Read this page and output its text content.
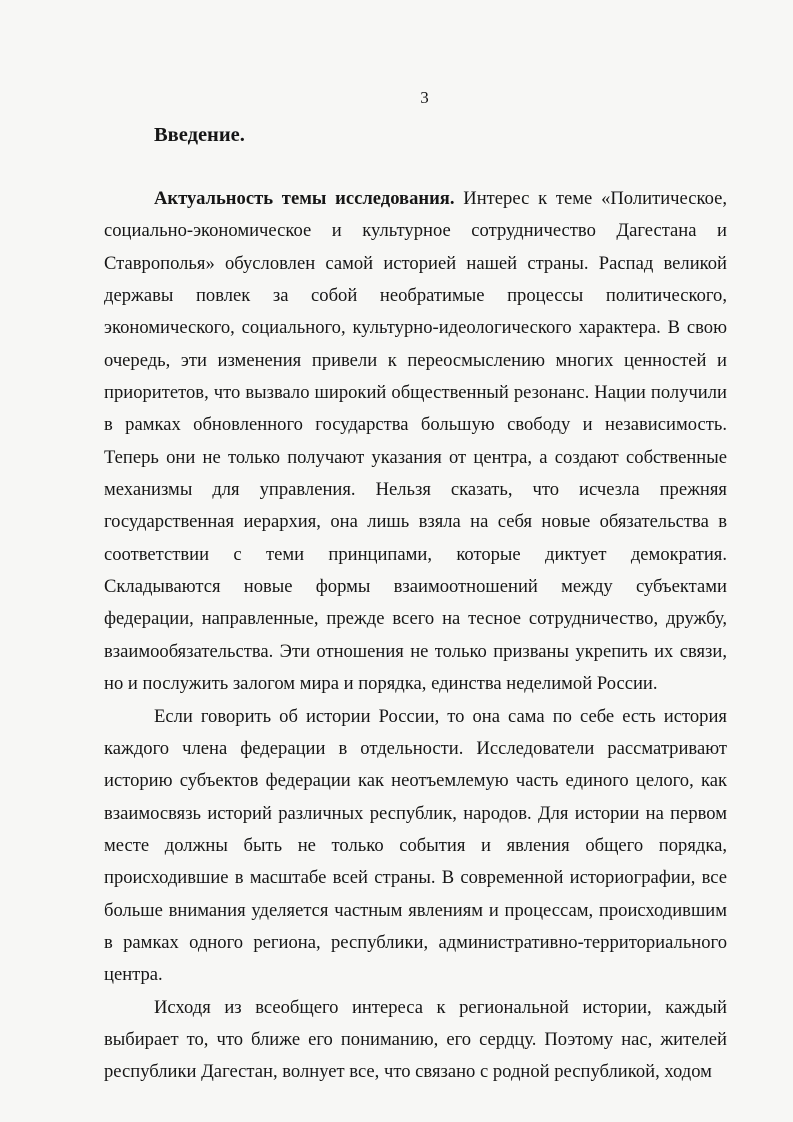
3
Введение.

Актуальность темы исследования. Интерес к теме «Политическое, социально-экономическое и культурное сотрудничество Дагестана и Ставрополья» обусловлен самой историей нашей страны. Распад великой державы повлек за собой необратимые процессы политического, экономического, социального, культурно-идеологического характера. В свою очередь, эти изменения привели к переосмыслению многих ценностей и приоритетов, что вызвало широкий общественный резонанс. Нации получили в рамках обновленного государства большую свободу и независимость. Теперь они не только получают указания от центра, а создают собственные механизмы для управления. Нельзя сказать, что исчезла прежняя государственная иерархия, она лишь взяла на себя новые обязательства в соответствии с теми принципами, которые диктует демократия. Складываются новые формы взаимоотношений между субъектами федерации, направленные, прежде всего на тесное сотрудничество, дружбу, взаимообязательства. Эти отношения не только призваны укрепить их связи, но и послужить залогом мира и порядка, единства неделимой России.

Если говорить об истории России, то она сама по себе есть история каждого члена федерации в отдельности. Исследователи рассматривают историю субъектов федерации как неотъемлемую часть единого целого, как взаимосвязь историй различных республик, народов. Для истории на первом месте должны быть не только события и явления общего порядка, происходившие в масштабе всей страны. В современной историографии, все больше внимания уделяется частным явлениям и процессам, происходившим в рамках одного региона, республики, административно-территориального центра.

Исходя из всеобщего интереса к региональной истории, каждый выбирает то, что ближе его пониманию, его сердцу. Поэтому нас, жителей республики Дагестан, волнует все, что связано с родной республикой, ходом
